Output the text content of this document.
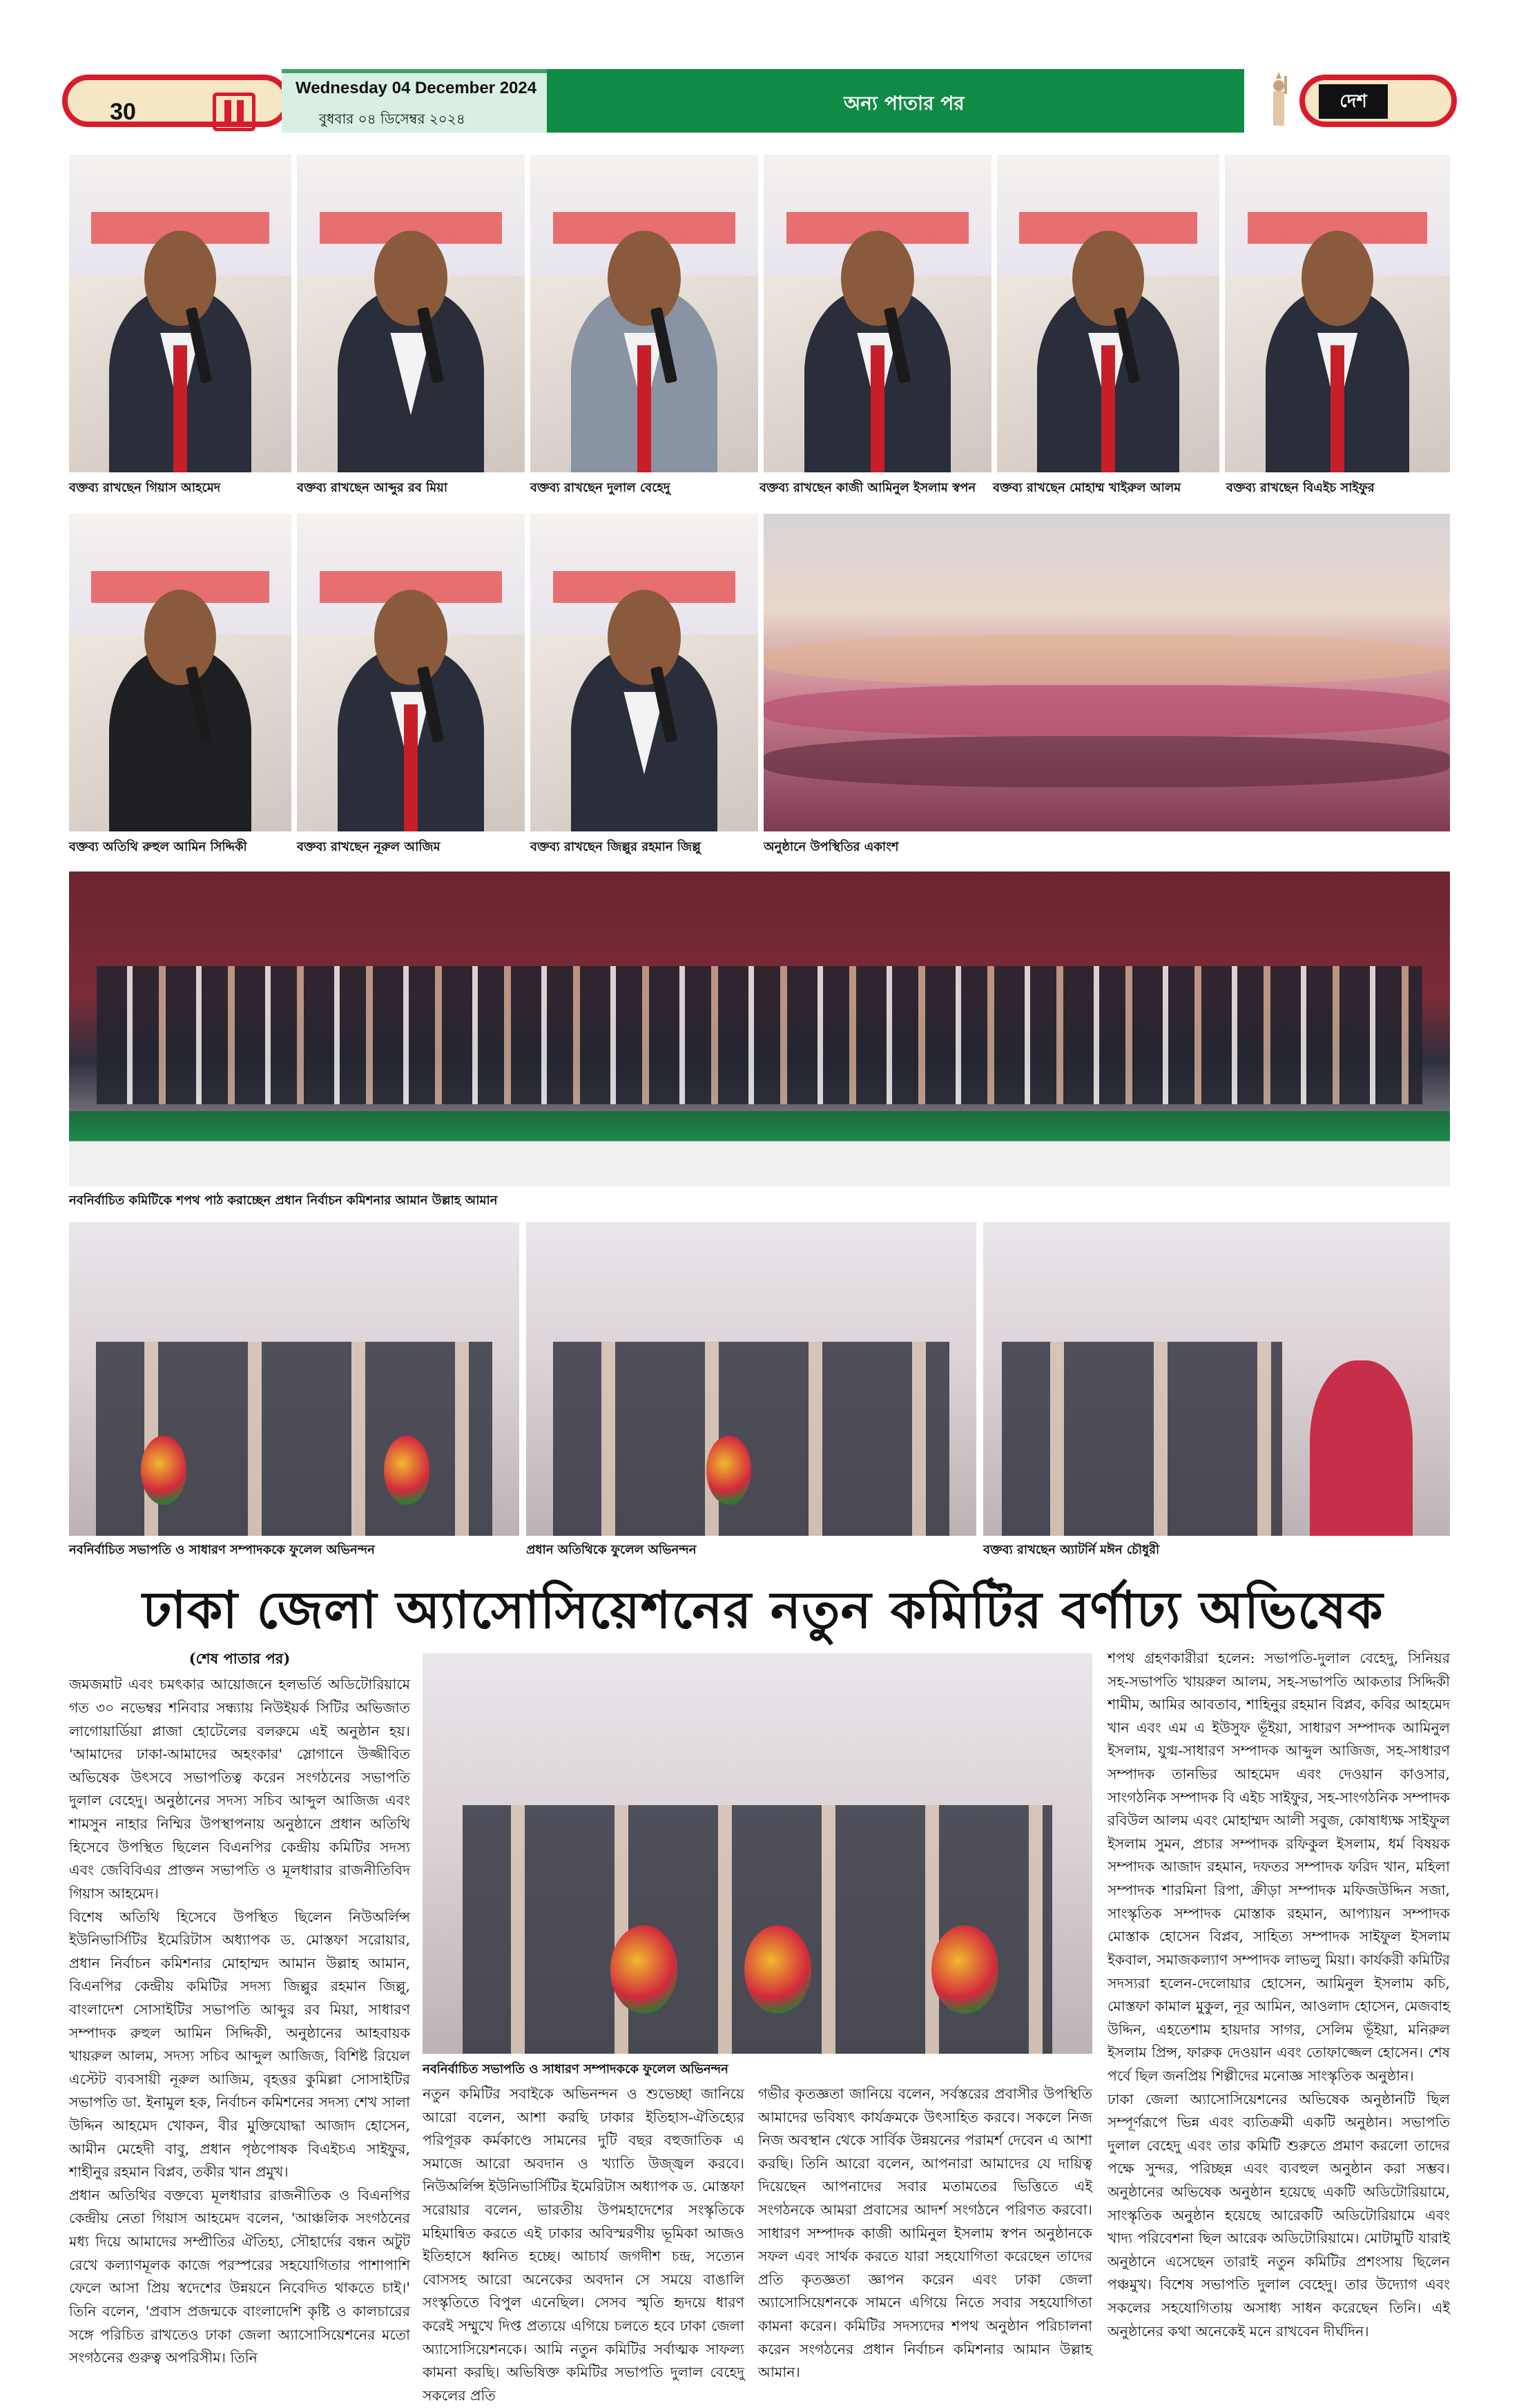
30
Wednesday 04 December 2024
বুধবার ০৪ ডিসেম্বর ২০২৪
অন্য পাতার পর	দেশ
বক্তব্য রাখছেন গিয়াস আহমেদ	বক্তব্য রাখছেন আব্দুর রব মিয়া	বক্তব্য রাখছেন দুলাল বেহেদু	বক্তব্য রাখছেন কাজী আমিনুল ইসলাম স্বপন বক্তব্য রাখছেন মোহাম্ম খাইরুল আলম	বক্তব্য রাখছেন বিএইচ সাইফুর
বক্তব্য অতিথি রুহুল আমিন সিদ্দিকী	বক্তব্য রাখছেন নূরুল আজিম	বক্তব্য রাখছেন জিল্লুর রহমান জিল্লু	অনুষ্ঠানে উপস্থিতির একাংশ
নবনির্বাচিত কমিটিকে শপথ পাঠ করাচ্ছেন প্রধান নির্বাচন কমিশনার আমান উল্লাহ আমান
নবনির্বাচিত সভাপতি ও সাধারণ সম্পাদককে ফুলেল অভিনন্দন	প্রধান অতিথিকে ফুলেল অভিনন্দন	বক্তব্য রাখছেন অ্যাটর্নি মঈন চৌধুরী
ঢাকা জেলা অ্যাসোসিয়েশনের নতুন কমিটির বর্ণাঢ্য অভিষেক

(শেষ পাতার পর)

জমজমাট এবং চমৎকার আয়োজনে হলভর্তি অডিটোরিয়ামে গত ৩০ নভেম্বর শনিবার সন্ধ্যায় নিউইয়র্ক সিটির অভিজাত লাগোয়ার্ডিয়া প্লাজা হোটেলের বলরুমে এই অনুষ্ঠান হয়। 'আমাদের ঢাকা-আমাদের অহংকার' স্লোগানে উজ্জীবিত অভিষেক উৎসবে সভাপতিত্ব করেন সংগঠনের সভাপতি দুলাল বেহেদু। অনুষ্ঠানের সদস্য সচিব আব্দুল আজিজ এবং শামসুন নাহার নিম্মির উপস্থাপনায় অনুষ্ঠানে প্রধান অতিথি হিসেবে উপস্থিত ছিলেন বিএনপির কেন্দ্রীয় কমিটির সদস্য এবং জেবিবিএর প্রাক্তন সভাপতি ও মূলধারার রাজনীতিবিদ গিয়াস আহমেদ।

বিশেষ অতিথি হিসেবে উপস্থিত ছিলেন নিউঅর্লিন্স ইউনিভার্সিটির ইমেরিটাস অধ্যাপক ড. মোস্তফা সরোয়ার, প্রধান নির্বাচন কমিশনার মোহাম্মদ আমান উল্লাহ আমান, বিএনপির কেন্দ্রীয় কমিটির সদস্য জিল্লুর রহমান জিল্লু, বাংলাদেশ সোসাইটির সভাপতি আব্দুর রব মিয়া, সাধারণ সম্পাদক রুহুল আমিন সিদ্দিকী, অনুষ্ঠানের আহবায়ক খায়রুল আলম, সদস্য সচিব আব্দুল আজিজ, বিশিষ্ট রিয়েল এস্টেট ব্যবসায়ী নূরুল আজিম, বৃহত্তর কুমিল্লা সোসাইটির সভাপতি ডা. ইনামুল হক, নির্বাচন কমিশনের সদস্য শেখ সালা উদ্দিন আহমেদ খোকন, বীর মুক্তিযোদ্ধা আজাদ হোসেন, আমীন মেহেদী বাবু, প্রধান পৃষ্ঠপোষক বিএইচএ সাইফুর, শাহীনুর রহমান বিপ্লব, তকীর খান প্রমুখ।

প্রধান অতিথির বক্তব্যে মূলধারার রাজনীতিক ও বিএনপির কেন্দ্রীয় নেতা গিয়াস আহমেদ বলেন, 'আঞ্চলিক সংগঠনের মধ্য দিয়ে আমাদের সম্প্রীতির ঐতিহ্য, সৌহার্দের বন্ধন অটুট রেখে কল্যাণমূলক কাজে পরস্পরের সহযোগিতার পাশাপাশি ফেলে আসা প্রিয় স্বদেশের উন্নয়নে নিবেদিত থাকতে চাই।' তিনি বলেন, 'প্রবাস প্রজন্মকে বাংলাদেশি কৃষ্টি ও কালচারের সঙ্গে পরিচিত রাখতেও ঢাকা জেলা অ্যাসোসিয়েশনের মতো সংগঠনের গুরুত্ব অপরিসীম। তিনি

নবনির্বাচিত সভাপতি ও সাধারণ সম্পাদককে ফুলেল অভিনন্দন

নতুন কমিটির সবাইকে অভিনন্দন ও শুভেচ্ছা জানিয়ে আরো বলেন, আশা করছি ঢাকার ইতিহাস-ঐতিহ্যের পরিপূরক কর্মকাণ্ডে সামনের দুটি বছর বহুজাতিক এ সমাজে আরো অবদান ও খ্যাতি উজ্জ্বল করবে। নিউঅর্লিন্স ইউনিভার্সিটির ইমেরিটাস অধ্যাপক ড. মোস্তফা সরোয়ার বলেন, ভারতীয় উপমহাদেশের সংস্কৃতিকে মহিমান্বিত করতে এই ঢাকার অবিস্মরণীয় ভূমিকা আজও ইতিহাসে ধ্বনিত হচ্ছে। আচার্য জগদীশ চন্দ্র, সত্যেন বোসসহ আরো অনেকের অবদান সে সময়ে বাঙালি সংস্কৃতিতে বিপুল এনেছিল। সেসব স্মৃতি হৃদয়ে ধারণ করেই সম্মুখে দিপ্ত প্রত্যয়ে এগিয়ে চলতে হবে ঢাকা জেলা অ্যাসোসিয়েশনকে। আমি নতুন কমিটির সর্বাত্মক সাফল্য কামনা করছি। অভিষিক্ত কমিটির সভাপতি দুলাল বেহেদু সকলের প্রতি

গভীর কৃতজ্ঞতা জানিয়ে বলেন, সর্বস্তরের প্রবাসীর উপস্থিতি আমাদের ভবিষ্যৎ কার্যক্রমকে উৎসাহিত করবে। সকলে নিজ নিজ অবস্থান থেকে সার্বিক উন্নয়নের পরামর্শ দেবেন এ আশা করছি। তিনি আরো বলেন, আপনারা আমাদের যে দায়িত্ব দিয়েছেন আপনাদের সবার মতামতের ভিত্তিতে এই সংগঠনকে আমরা প্রবাসের আদর্শ সংগঠনে পরিণত করবো। সাধারণ সম্পাদক কাজী আমিনুল ইসলাম স্বপন অনুষ্ঠানকে সফল এবং সার্থক করতে যারা সহযোগিতা করেছেন তাদের প্রতি কৃতজ্ঞতা জ্ঞাপন করেন এবং ঢাকা জেলা অ্যাসোসিয়েশনকে সামনে এগিয়ে নিতে সবার সহযোগিতা কামনা করেন। কমিটির সদস্যদের শপথ অনুষ্ঠান পরিচালনা করেন সংগঠনের প্রধান নির্বাচন কমিশনার আমান উল্লাহ আমান।

শপথ গ্রহণকারীরা হলেন: সভাপতি-দুলাল বেহেদু, সিনিয়র সহ-সভাপতি খায়রুল আলম, সহ-সভাপতি আকতার সিদ্দিকী শামীম, আমির আবতাব, শাহিনুর রহমান বিপ্লব, কবির আহমেদ খান এবং এম এ ইউসুফ ভূঁইয়া, সাধারণ সম্পাদক আমিনুল ইসলাম, যুগ্ম-সাধারণ সম্পাদক আব্দুল আজিজ, সহ-সাধারণ সম্পাদক তানভির আহমেদ এবং দেওয়ান কাওসার, সাংগঠনিক সম্পাদক বি এইচ সাইফুর, সহ-সাংগঠনিক সম্পাদক রবিউল আলম এবং মোহাম্মদ আলী সবুজ, কোষাধ্যক্ষ সাইফুল ইসলাম সুমন, প্রচার সম্পাদক রফিকুল ইসলাম, ধর্ম বিষয়ক সম্পাদক আজাদ রহমান, দফতর সম্পাদক ফরিদ খান, মহিলা সম্পাদক শারমিনা রিপা, ক্রীড়া সম্পাদক মফিজউদ্দিন সজা, সাংস্কৃতিক সম্পাদক মোস্তাক রহমান, আপ্যায়ন সম্পাদক মোস্তাক হোসেন বিপ্লব, সাহিত্য সম্পাদক সাইফুল ইসলাম ইকবাল, সমাজকল্যাণ সম্পাদক লাভলু মিয়া। কার্যকরী কমিটির সদস্যরা হলেন-দেলোয়ার হোসেন, আমিনুল ইসলাম কচি, মোস্তফা কামাল মুকুল, নূর আমিন, আওলাদ হোসেন, মেজবাহ উদ্দিন, এহতেশাম হায়দার সাগর, সেলিম ভূঁইয়া, মনিরুল ইসলাম প্রিন্স, ফারুক দেওয়ান এবং তোফাজ্জেল হোসেন। শেষ পর্বে ছিল জনপ্রিয় শিল্পীদের মনোজ্ঞ সাংস্কৃতিক অনুষ্ঠান।

ঢাকা জেলা অ্যাসোসিয়েশনের অভিষেক অনুষ্ঠানটি ছিল সম্পূর্ণরূপে ভিন্ন এবং ব্যতিক্রমী একটি অনুষ্ঠান। সভাপতি দুলাল বেহেদু এবং তার কমিটি শুরুতে প্রমাণ করলো তাদের পক্ষে সুন্দর, পরিচ্ছন্ন এবং ব্যবহুল অনুষ্ঠান করা সম্ভব। অনুষ্ঠানের অভিষেক অনুষ্ঠান হয়েছে একটি অডিটোরিয়ামে, সাংস্কৃতিক অনুষ্ঠান হয়েছে আরেকটি অডিটোরিয়ামে এবং খাদ্য পরিবেশনা ছিল আরেক অডিটোরিয়ামে। মোটামুটি যারাই অনুষ্ঠানে এসেছেন তারাই নতুন কমিটির প্রশংসায় ছিলেন পঞ্চমুখ। বিশেষ সভাপতি দুলাল বেহেদু। তার উদ্যোগ এবং সকলের সহযোগিতায় অসাধ্য সাধন করেছেন তিনি। এই অনুষ্ঠানের কথা অনেকেই মনে রাখবেন দীর্ঘদিন।
